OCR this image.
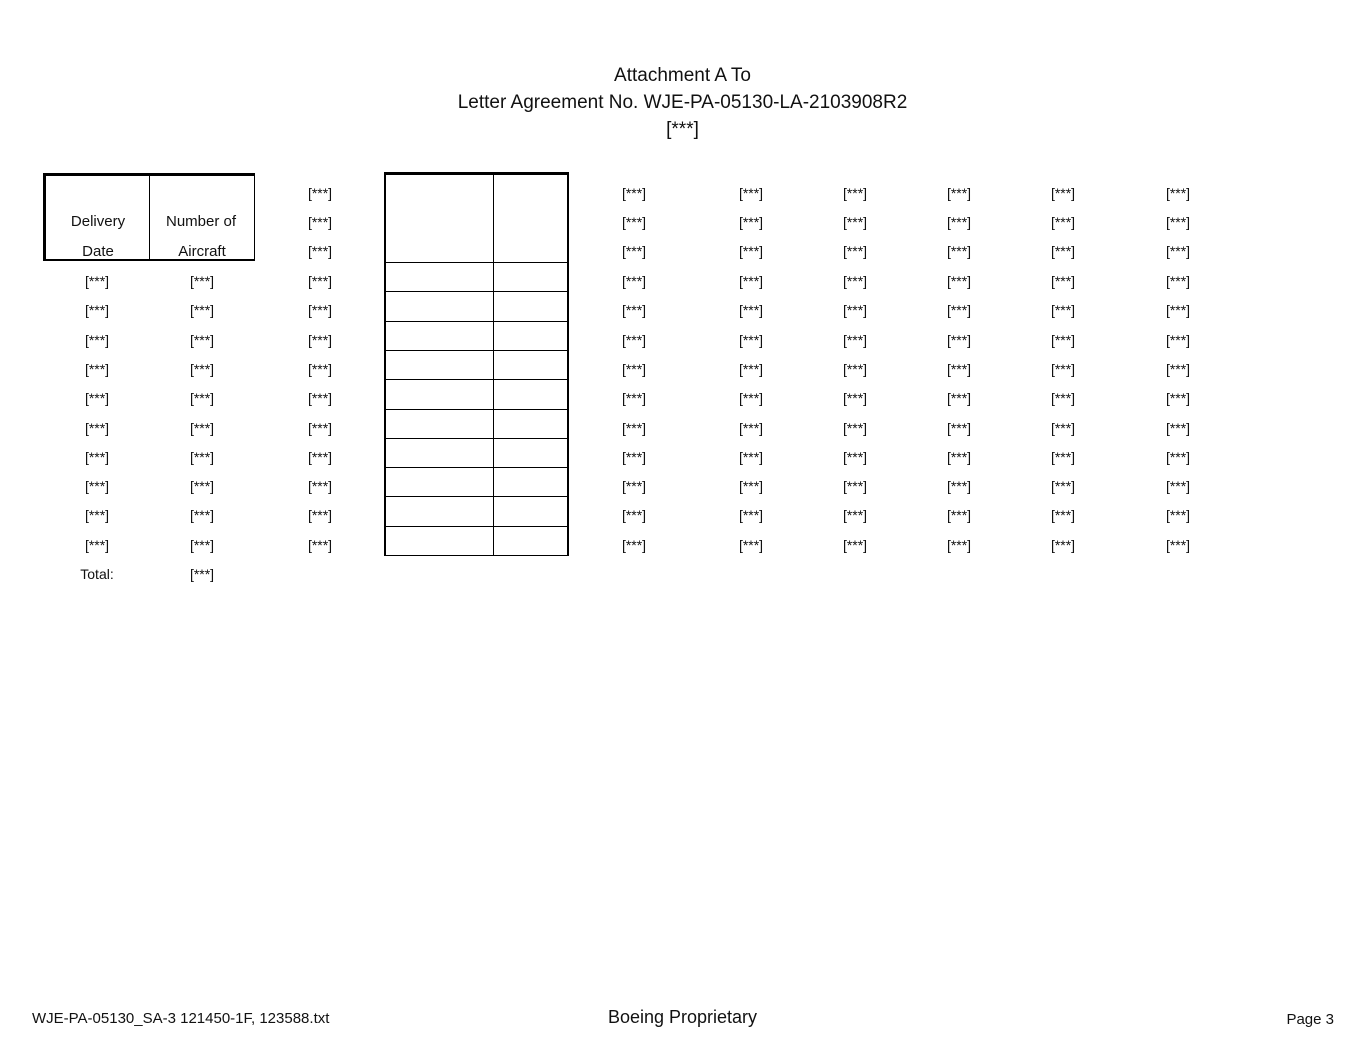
Attachment A To
Letter Agreement No. WJE-PA-05130-LA-2103908R2
[***]
Delivery
Date
Number of
Aircraft
[***]	[***]	[***]	[***]	[***]	[***]	[***]
[***]	[***]	[***]	[***]	[***]	[***]	[***]
[***]	[***]	[***]	[***]	[***]	[***]	[***]
[***]	[***]	[***]	[***]	[***]	[***]	[***]	[***]	[***]
[***]	[***]	[***]	[***]	[***]	[***]	[***]	[***]	[***]
[***]	[***]	[***]	[***]	[***]	[***]	[***]	[***]	[***]
[***]	[***]	[***]	[***]	[***]	[***]	[***]	[***]	[***]
[***]	[***]	[***]	[***]	[***]	[***]	[***]	[***]	[***]
[***]	[***]	[***]	[***]	[***]	[***]	[***]	[***]	[***]
[***]	[***]	[***]	[***]	[***]	[***]	[***]	[***]	[***]
[***]	[***]	[***]	[***]	[***]	[***]	[***]	[***]	[***]
[***]	[***]	[***]	[***]	[***]	[***]	[***]	[***]	[***]
[***]	[***]	[***]	[***]	[***]	[***]	[***]	[***]	[***]
Total:	[***]
WJE-PA-05130_SA-3 121450-1F, 123588.txt	Boeing Proprietary	Page 3
